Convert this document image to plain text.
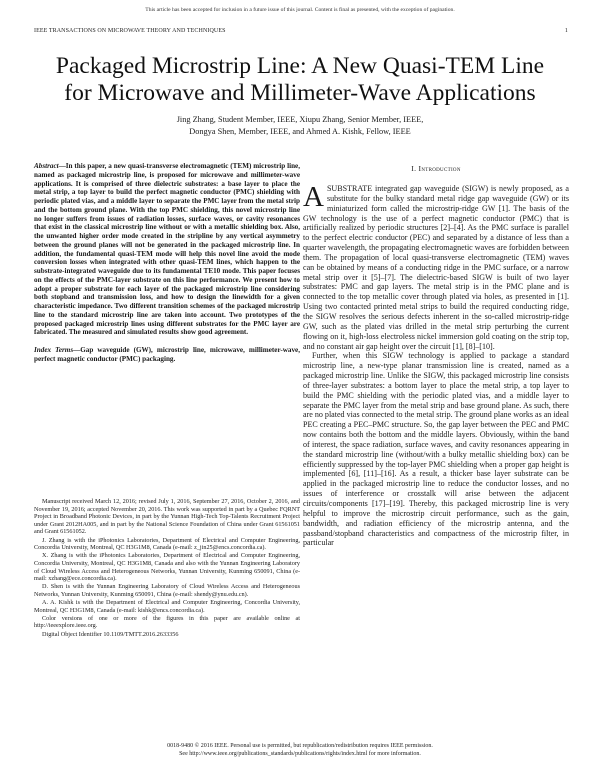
This article has been accepted for inclusion in a future issue of this journal. Content is final as presented, with the exception of pagination.
IEEE TRANSACTIONS ON MICROWAVE THEORY AND TECHNIQUES	1
Packaged Microstrip Line: A New Quasi-TEM Line
for Microwave and Millimeter-Wave Applications
Jing Zhang, Student Member, IEEE, Xiupu Zhang, Senior Member, IEEE,
Dongya Shen, Member, IEEE, and Ahmed A. Kishk, Fellow, IEEE

Abstract—In this paper, a new quasi-transverse electromagnetic (TEM) microstrip line, named as packaged microstrip line, is proposed for microwave and millimeter-wave applications. It is comprised of three dielectric substrates: a base layer to place the metal strip, a top layer to build the perfect magnetic conductor (PMC) shielding with periodic plated vias, and a middle layer to separate the PMC layer from the metal strip and the bottom ground plane. With the top PMC shielding, this novel microstrip line no longer suffers from issues of radiation losses, surface waves, or cavity resonances that exist in the classical microstrip line without or with a metallic shielding box. Also, the unwanted higher order mode created in the stripline by any vertical asymmetry between the ground planes will not be generated in the packaged microstrip line. In addition, the fundamental quasi-TEM mode will help this novel line avoid the mode conversion losses when integrated with other quasi-TEM lines, which happen to the substrate-integrated waveguide due to its fundamental TE10 mode. This paper focuses on the effects of the PMC-layer substrate on this line performance. We present how to adopt a proper substrate for each layer of the packaged microstrip line considering both stopband and transmission loss, and how to design the linewidth for a given characteristic impedance. Two different transition schemes of the packaged microstrip line to the standard microstrip line are taken into account. Two prototypes of the proposed packaged microstrip lines using different substrates for the PMC layer are fabricated. The measured and simulated results show good agreement.

Index Terms—Gap waveguide (GW), microstrip line, microwave, millimeter-wave, perfect magnetic conductor (PMC) packaging.

Manuscript received March 12, 2016; revised July 1, 2016, September 27, 2016, October 2, 2016, and November 19, 2016; accepted November 20, 2016. This work was supported in part by a Quebec FQRNT Project in Broadband Photonic Devices, in part by the Yunnan High-Tech Top-Talents Recruitment Project under Grant 2012HA005, and in part by the National Science Foundation of China under Grant 61561051 and Grant 61561052.

J. Zhang is with the iPhotonics Laboratories, Department of Electrical and Computer Engineering, Concordia University, Montreal, QC H3G1M8, Canada (e-mail: z_jin25@encs.concordia.ca).

X. Zhang is with the iPhotonics Laboratories, Department of Electrical and Computer Engineering, Concordia University, Montreal, QC H3G1M8, Canada and also with the Yunnan Engineering Laboratory of Cloud Wireless Access and Heterogeneous Networks, Yunnan University, Kunming 650091, China (e-mail: xzhang@ece.concordia.ca).

D. Shen is with the Yunnan Engineering Laboratory of Cloud Wireless Access and Heterogeneous Networks, Yunnan University, Kunming 650091, China (e-mail: shendy@ynu.edu.cn).

A. A. Kishk is with the Department of Electrical and Computer Engineering, Concordia University, Montreal, QC H3G1M8, Canada (e-mail: kishk@encs.concordia.ca).

Color versions of one or more of the figures in this paper are available online at http://ieeexplore.ieee.org.

Digital Object Identifier 10.1109/TMTT.2016.2633356

I. Introduction

ASUBSTRATE integrated gap waveguide (SIGW) is newly proposed, as a substitute for the bulky standard metal ridge gap waveguide (GW) or its miniaturized form called the microstrip-ridge GW [1]. The basis of the GW technology is the use of a perfect magnetic conductor (PMC) that is artificially realized by periodic structures [2]–[4]. As the PMC surface is parallel to the perfect electric conductor (PEC) and separated by a distance of less than a quarter wavelength, the propagating electromagnetic waves are forbidden between them. The propagation of local quasi-transverse electromagnetic (TEM) waves can be obtained by means of a conducting ridge in the PMC surface, or a narrow metal strip over it [5]–[7]. The dielectric-based SIGW is built of two layer substrates: PMC and gap layers. The metal strip is in the PMC plane and is connected to the top metallic cover through plated via holes, as presented in [1]. Using two contacted printed metal strips to build the required conducting ridge, the SIGW resolves the serious defects inherent in the so-called microstrip-ridge GW, such as the plated vias drilled in the metal strip perturbing the current flowing on it, high-loss electroless nickel immersion gold coating on the strip top, and no constant air gap height over the circuit [1], [8]–[10].

Further, when this SIGW technology is applied to package a standard microstrip line, a new-type planar transmission line is created, named as a packaged microstrip line. Unlike the SIGW, this packaged microstrip line consists of three-layer substrates: a bottom layer to place the metal strip, a top layer to build the PMC shielding with the periodic plated vias, and a middle layer to separate the PMC layer from the metal strip and base ground plane. As such, there are no plated vias connected to the metal strip. The ground plane works as an ideal PEC creating a PEC–PMC structure. So, the gap layer between the PEC and PMC now contains both the bottom and the middle layers. Obviously, within the band of interest, the space radiation, surface waves, and cavity resonances appearing in the standard microstrip line (without/with a bulky metallic shielding box) can be efficiently suppressed by the top-layer PMC shielding when a proper gap height is implemented [6], [11]–[16]. As a result, a thicker base layer substrate can be applied in the packaged microstrip line to reduce the conductor losses, and no issues of interference or crosstalk will arise between the adjacent circuits/components [17]–[19]. Thereby, this packaged microstrip line is very helpful to improve the microstrip circuit performance, such as the gain, bandwidth, and radiation efficiency of the microstrip antenna, and the passband/stopband characteristics and compactness of the microstrip filter, in particular

0018-9480 © 2016 IEEE. Personal use is permitted, but republication/redistribution requires IEEE permission.
See http://www.ieee.org/publications_standards/publications/rights/index.html for more information.
